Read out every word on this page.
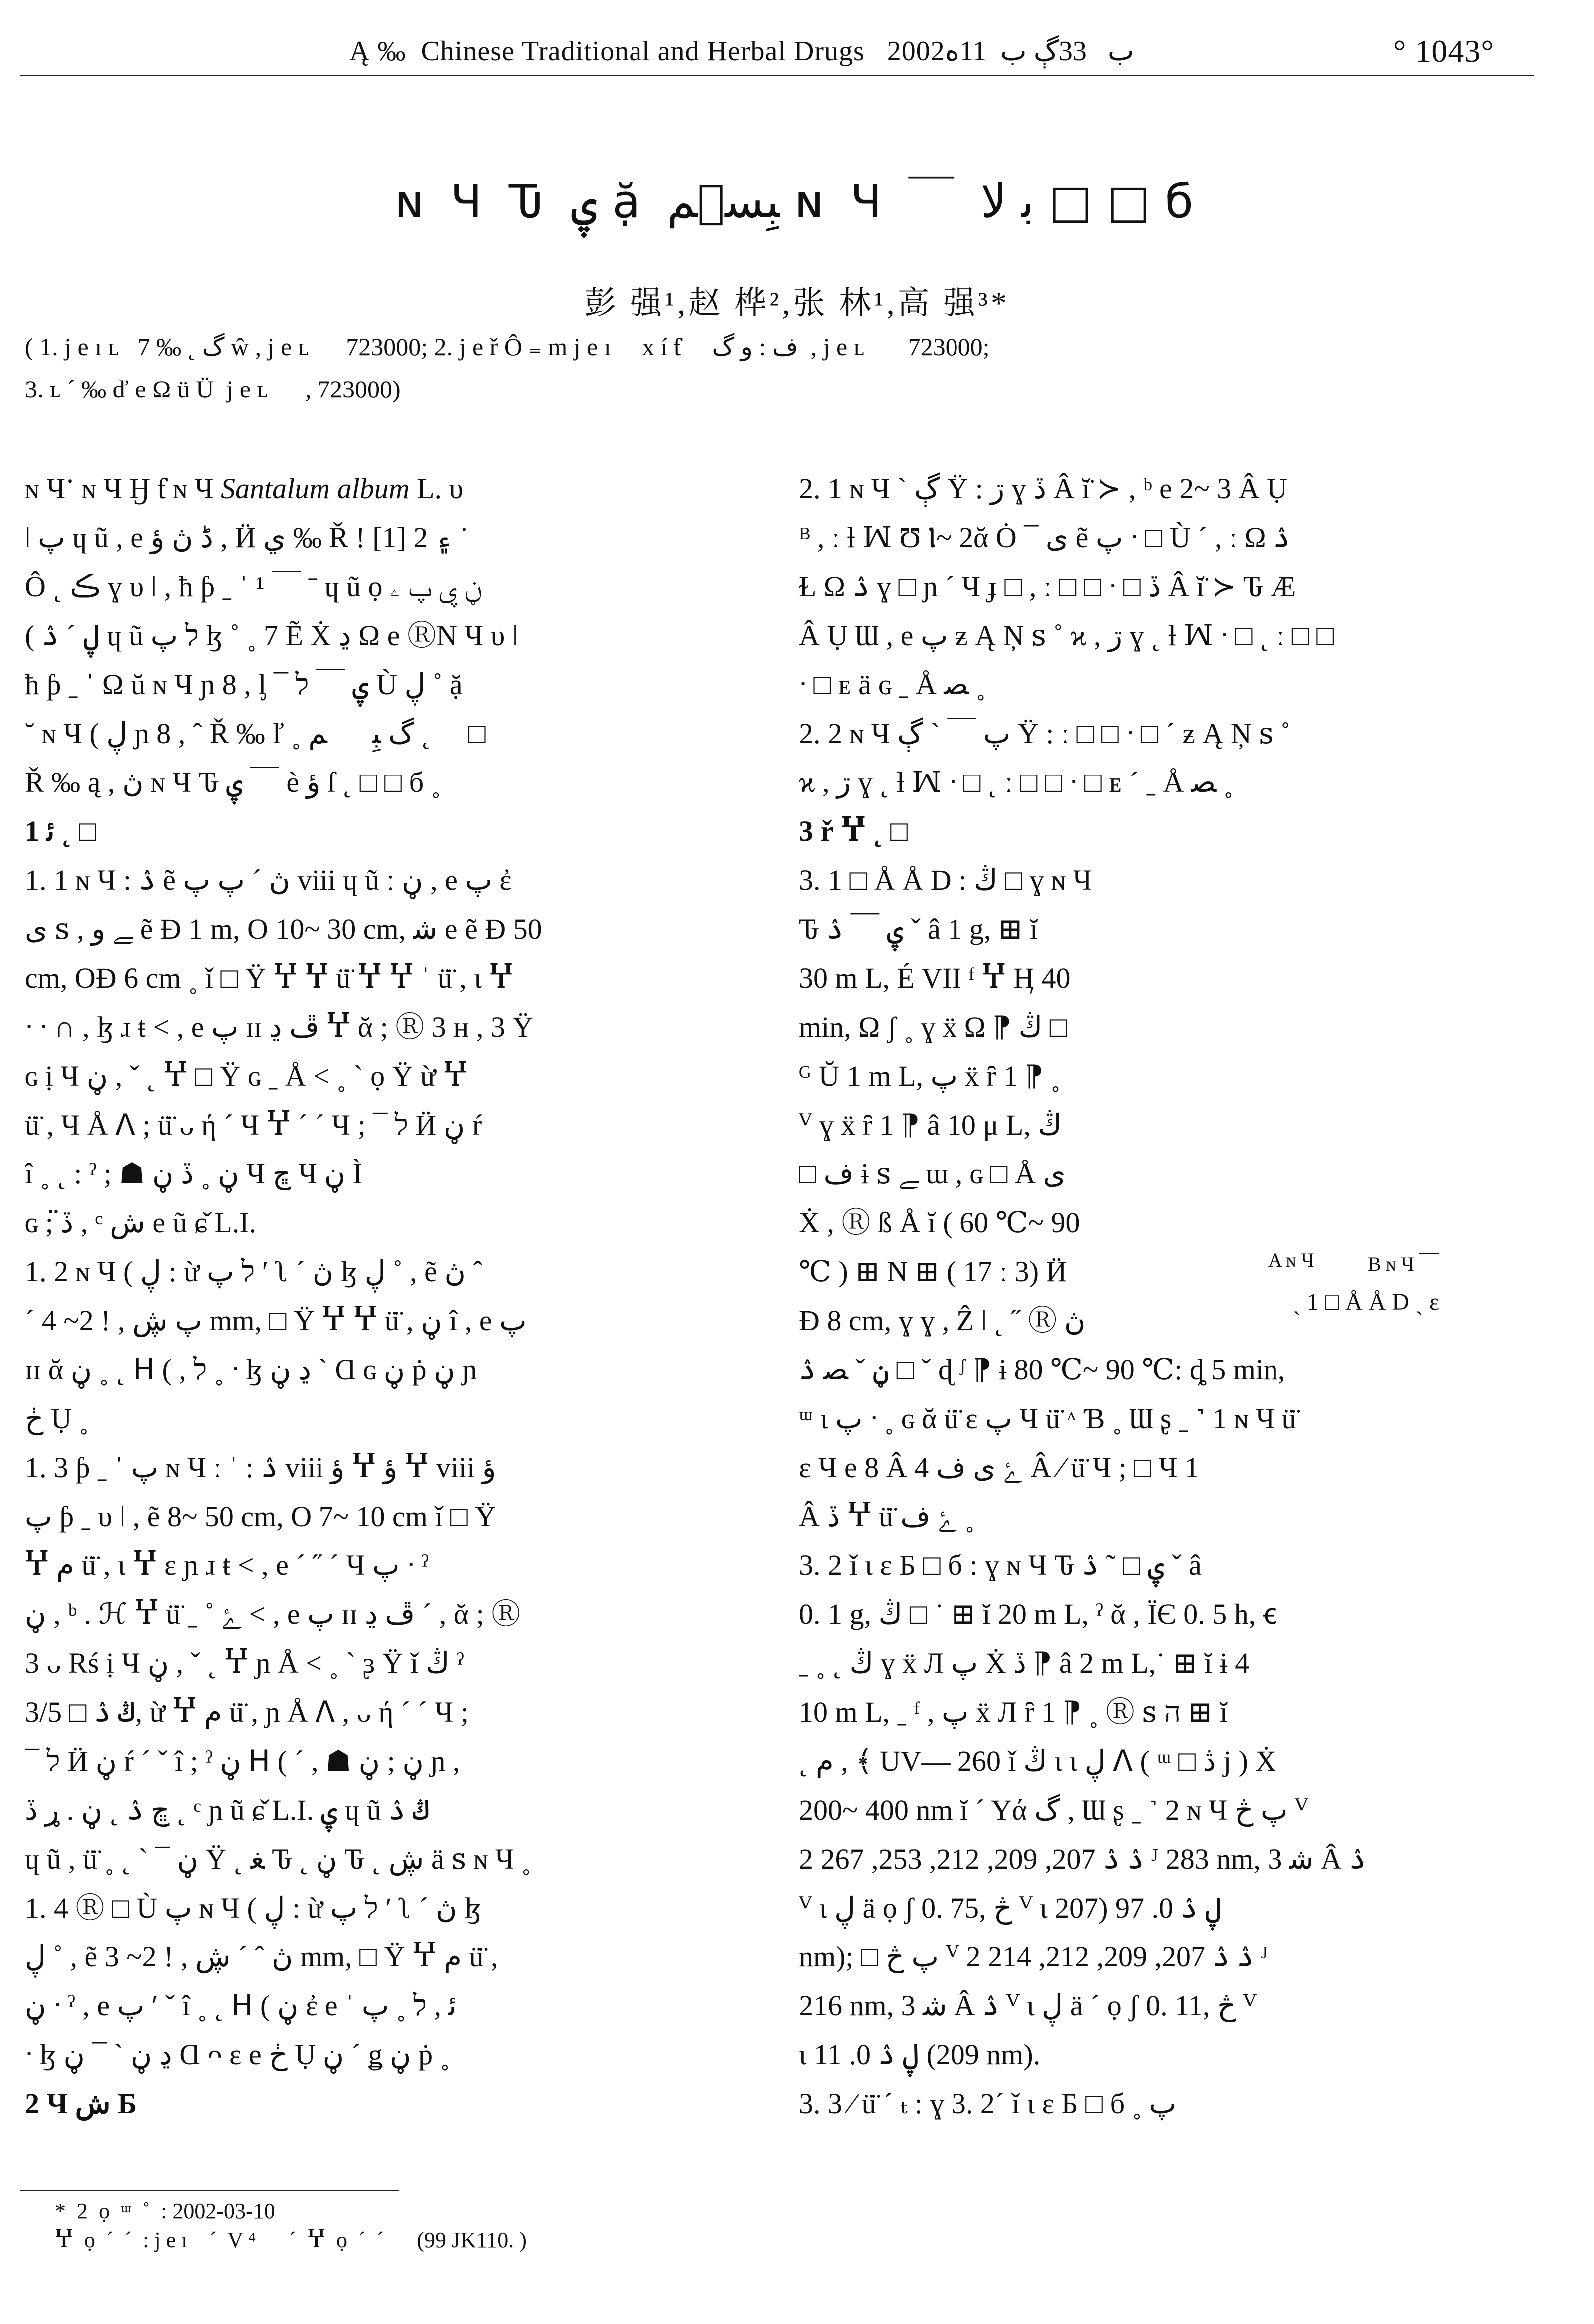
Ą ‰  Chinese Traditional and Herbal Drugs   2002ب   33ڳ ب  11ە	° 1043°
ɴ Ч Ԏ ۑ ặ ﺒِﺴ۪ﻢ ɴ Ч ￣ ﺑ ﻻ □ □ б
彭 强¹,赵 桦²,张 林¹,高 强³*
( 1. j e ı ʟ   7 ‰ ˛ گ ŵ , j e ʟ      723000; 2. j e ř Ô ₌ m j e ı     x í ƭ     ف : و گ  , j e ʟ       723000;
3. ʟ ´ ‰ ď e Ω ü Ü  j e ʟ      , 723000)

ɴ Чॱ ɴ Ч Ӈ ƭ ɴ Ч Santalum album L. υ

ǀ پ ɥ ũ , e ڈ ڽ ؤ , Ӥ ي ‰ Ř ! [1] ۽ 2 ˙

Ô ˛ ڪ ɣ υ ǀ , ħ ƥ ˍ ˈ ¹ ￣ ˉ ɥ ũ ọ ڼ ۑ پ ۦ

( ڸ ˊ ۮ ɥ ũ ל پ ɮ ˚ ˳ 7 Ẽ Ẋ ڍ Ω e ⓇN Ч υ ǀ

ħ ƥ ˍ ˈ Ω ŭ ɴ Ч ɲ 8 , ᶅ ¯ ۑ ￣ ל Ù ڸ ˚ ặ

˘ ɴ Ч ( ڸ ɲ 8 , ˆ Ř ‰ ľ ˳ ۮ ˛ گ ﺒِﺴ۪ﻢ □

Ř ‰ ą , ڽ ɴ Ч Ԏ ۑ ￣ è ؤ ſ ˛ □ □ б ˳

1 ﺋ ˛ □

1. 1 ɴ Ч : ۮ ẽ ڽ ´ پ پ viii ɥ ũ ː ڼ , e پ ἐ

ی ꜱ , ﮯ و ẽ Ð 1 m, O 10~ 30 cm, ﺷ e ẽ Ð 50

cm, OĐ 6 cm ˳ ǐ □ Ÿ Ⴤ Ⴤ ü̈ Ⴤ Ⴤ ˈ ü̈ , ɩ Ⴤ

ᐧ ᐧ ∩ , ɮ ɹ ŧ < , e پ ɪɪ ڦ ڍ Ⴤ ᾰ ; Ⓡ 3 ʜ , 3 Ÿ

ɢ ị Ч ڼ , ˇ ˛ Ⴤ □ Ÿ ɢ ˍ Å < ˳ ˋ ọ Ÿ ừ Ⴤ

ü̈ , Ч Å ᐱ ; ü̈ ᴗ ή ´ Ч Ⴤ ´ ´ Ч ; ¯ ל Ӥ ڼ ŕ

î ˳ ˛ : ˀ ; ☗ ڼ ˳ ڏ ڼ Ч ڇ Ч ڼ Ì

ɢ ; ڏ̈ , ᶜ ش e ũ ɕ̌ L.I.

1. 2 ɴ Ч ( ڸ : ừ ל پ ʹ ʅ ˊ ڽ ɮ ڸ ˚ , ẽ ڽ ˆ

´ پ ڜ , ! 2~ 4 mm, □ Ÿ Ⴤ Ⴤ ü̈ , ڼ î , e پ

ɪɪ ᾰ ڼ ˳ ˛ ᕼ ( , ל ˳ ᐧ ɮ ڍ ڼ ˋ Ɑ ɢ ڼ ṗ ڼ ɲ

ڂ Ụ ˳

1. 3 ƥ ˍ ˈ پ ɴ Ч ː ˈ : ۮ viii ؤ Ⴤ ؤ Ⴤ viii ؤ

پ ƥ ˍ υ ǀ , ẽ 8~ 50 cm, O 7~ 10 cm ǐ □ Ÿ

Ⴤ م ü̈ , ɩ Ⴤ ε ɲ ɹ ŧ < , e ´ ˝ ´ Ч پ ᐧ ˀ

ڼ , ᵇ . ℋ Ⴤ ü̈ ˍ ˚ ﮰ < , e پ ɪɪ ڦ ڍ ´ , ᾰ ; Ⓡ

3 ᴗ Rś ị Ч ڼ , ˇ ˛ Ⴤ ɲ Å < ˳ ˋ ᶔ Ÿ ǐ ڭ ˀ

ڭ ۮ □ 3/5, ừ Ⴤ م ü̈ , ɲ Å ᐱ , ᴗ ή ´ ´ Ч ;

¯ ל Ӥ ڼ ŕ ´ ˇ î ; ˀ ڼ ᕼ ( ´ , ☗ ڼ ; ڼ ɲ ,

ڇ ۮ ˛ ڼ . ړ ڏ̈ ˛ ᶜ ɲ ũ ɕ̌ L.I. ۑ ɥ ũ ڭ ۮ

ɥ ũ , ü̈ ˳ ˛ ˋ ¯ ڼ Ÿ ˛ ﻐ Ԏ ˛ ڼ Ԏ ˛ ڜ ä ꜱ ɴ Ч ˳

1. 4 Ⓡ □ Ù پ ɴ Ч ( ڸ : ừ ל پ ʹ ʅ ˊ ڽ ɮ

ڸ ˚ , ẽ ڽ ˆ ´ ڜ , ! 2~ 3 mm, □ Ÿ Ⴤ م ü̈ ,

ڼ ᐧ ˀ , e پ ʹ ˇ î ˳ ˛ ᕼ ( ڼ ἐ e ˈ ﺋ , ל ˳ پ

ᐧ ɮ ڍ ڼ ˋ ¯ ڼ Ɑ ᴖ ε e ڂ Ụ ڼ ´ ǥ ڼ ṗ ˳

2 Ч ش Б

2. 1 ɴ Ч ˋ ڳ Ÿ : ڗ ɣ ڏ Â ĭ̈ ≻ , ᵇ e 2~ 3 Â Ụ

ᴮ , ː ƚ ꟽ Ʊ Ⲓ~ 2ᾰ Ȯ ¯ ی ẽ پ ᐧ □ Ù ´ , ː Ω ۮ

Ɫ Ω ۮ ɣ □ ɲ ´ Ч ɟ □ , ː □ □ ᐧ □ ڏ Â ĭ̈ ≻ Ԏ Æ

Â Ụ Ɯ , e پ ƶ Ą Ņ ꜱ ˚ ϰ , ڗ ɣ ˛ ƚ ꟽ ᐧ □ ˛ ː □ □

ᐧ □ ᴇ ä ɢ ˍ Å ﺼ ˳

2. 2 ɴ Ч پ ￣ ˋ ڳ Ÿ : ː □ □ ᐧ □ ´ ƶ Ą Ņ ꜱ ˚

ϰ , ڗ ɣ ˛ ƚ ꟽ ᐧ □ ˛ ː □ □ ᐧ □ ᴇ ´ ˍ Å ﺼ ˳

3 ř Ⴤ ˛ □

3. 1 □ Å Å D : ڭ □ ɣ ɴ Ч

Ԏ ۑ ￣ ۮ ˇ â 1 g, ⊞ ĭ

30 m L, É VII ᶠ Ⴤ Ӊ 40

min, Ω ʃ ˳ ɣ ẍ Ω ⁋ ڭ □

ᴳ Ŭ 1 m L, پ ẍ ȓ 1 ⁋ ˳

ⱽ ɣ ẍ ȓ 1 ⁋ â 10 μ L, ڭ

□ ف ɨ ꜱ ﮯ ɯ , ɢ □ Å ی

Ẋ , Ⓡ ß Å ĭ ( 60 ℃~ 90

℃ ) ⊞ N ⊞ ( 17 ː 3) Ӥ

Ð 8 cm, ɣ ɣ , Ẑ ǀ ˛ ˝ Ⓡ ڽ

ڼ ˇ ﺼ ۮ □ ˇ ɖ ᶴ ⁋ ɨ 80 ℃~ 90 ℃: ȡ 5 min,

ᵚ ɩ پ ᐧ ˳ ɢ ᾰ ü̈ ɛ پ Ч ü̈ ᶺ Ɓ ˳ Ɯ ʂ ˍ ˺ 1 ɴ Ч ü̈

ɛ Ч e 8 Â ﮰ ی ف 4 Â ⁄ ü̈ Ч ; □ Ч 1

Â ڏ Ⴤ ü̈ ﮰ ف ˳

3. 2 ǐ ɩ ɛ Б □ б : ɣ ɴ Ч Ԏ ۑ □ ˜ ۮ ˇ â

0. 1 g, ڭ □ ˙ ⊞ ĭ 20 m L, ˀ ᾰ , ЇЄ 0. 5 h, ꞓ

ˍ ˳ ˛ ڭ ɣ ẍ Л پ Ẋ ڏ ⁋ â 2 m L,˙ ⊞ ĭ ɨ 4

10 m L, ˍ ᶠ , پ ẍ Л ȓ 1 ⁋ ˳ Ⓡ ꜱ ה ⊞ ĭ

˛ م , ﴾ UV— 260 ǐ ڭ ɩ ɩ ڸ ᐱ ( ᵚ □ ڎ j ) Ẋ

200~ 400 nm ĭ ˊ Yά گ , Ɯ ʂ ˍ ˺ 2 ɴ Ч پ څ ⱽ

2 ۮ ۮ 207, 209, 212, 253, 267 ᴶ 283 nm, ﺷ 3 Â ۮ

ⱽ ɩ ڸ ä ọ ʃ 0. 75, څ ⱽ ɩ ڸ ۮ 0. 97 (207

nm); □ پ څ ⱽ 2 ۮ ۮ 207, 209, 212, 214 ᴶ

216 nm, ﺷ 3 Â ۮ ⱽ ɩ ڸ ä ´ ọ ʃ 0. 11, څ ⱽ

ɩ ڸ ۮ 0. 11 (209 nm).

3. 3 ⁄ ü̈ ˊ ₜ : ɣ 3. 2´ ǐ ɩ ɛ Б □ б ˳ پ

A ɴ Ч	B ɴ Ч ￣
ˎ 1 □ Å Å D ˎ ɛ
*  2  ọ  ᵚ  ˚  : 2002-03-10
Ⴤ  ọ  ´  ´  : j e ı    ´  V ⁴      ´  Ⴤ  ọ  ´  ´      (99 JK110. )
